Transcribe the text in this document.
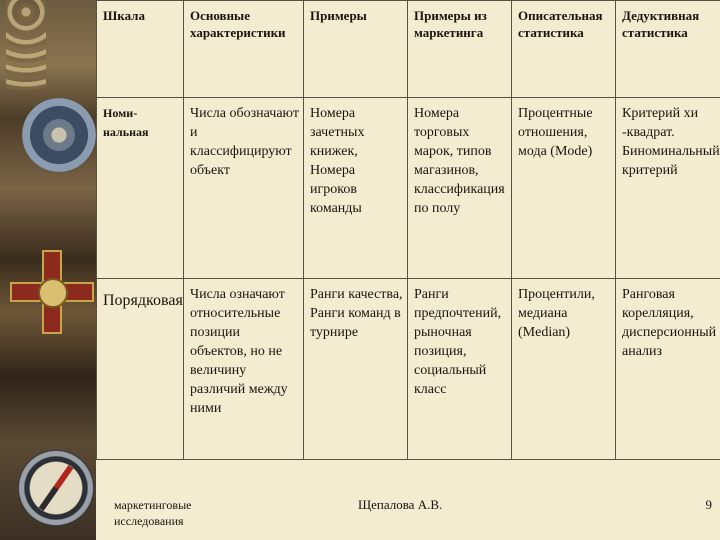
Шкала	Основные характеристики	Примеры	Примеры из маркетинга	Описательная статистика	Дедуктивная статистика
Номи-нальная	Числа обозначают и классифицируют объект	Номера зачетных книжек, Номера игроков команды	Номера торговых марок, типов магазинов, классификация по полу	Процентные отношения, мода (Mode)	Критерий хи -квадрат. Биноминальный критерий
Порядковая	Числа означают относительные позиции объектов, но не величину различий между ними	Ранги качества, Ранги команд в турнире	Ранги предпочтений, рыночная позиция, социальный класс	Процентили, медиана (Median)	Ранговая корелляция, дисперсионный анализ
маркетинговые исследования
Щепалова А.В.	9
